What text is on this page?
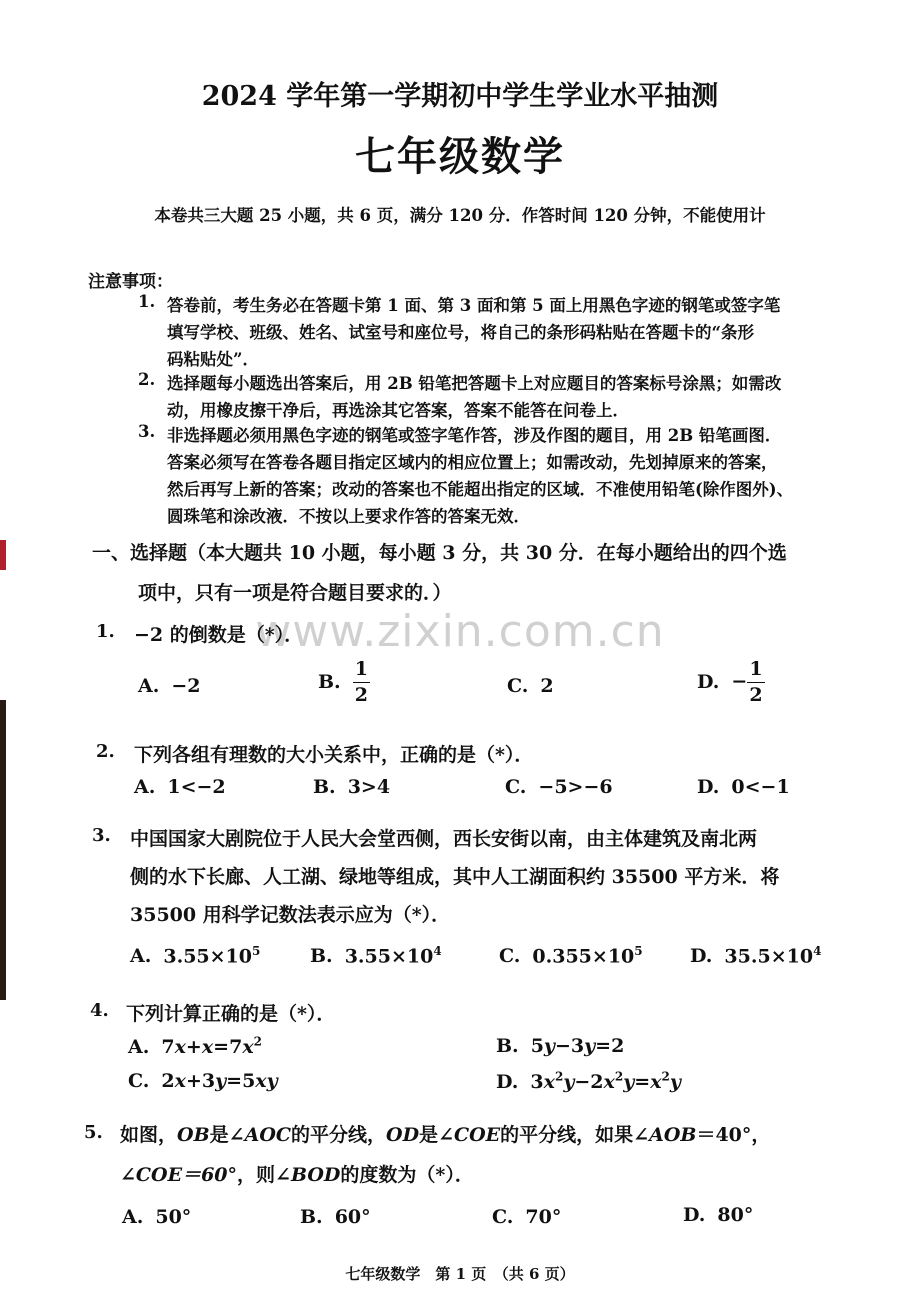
2024 学年第一学期初中学生学业水平抽测
七年级数学
本卷共三大题 25 小题，共 6 页，满分 120 分．作答时间 120 分钟，不能使用计
注意事项：
1. 答卷前，考生务必在答题卡第 1 面、第 3 面和第 5 面上用黑色字迹的钢笔或签字笔
填写学校、班级、姓名、试室号和座位号，将自己的条形码粘贴在答题卡的“条形
码粘贴处”．
2. 选择题每小题选出答案后，用 2B 铅笔把答题卡上对应题目的答案标号涂黑；如需改
动，用橡皮擦干净后，再选涂其它答案，答案不能答在问卷上．
3. 非选择题必须用黑色字迹的钢笔或签字笔作答，涉及作图的题目，用 2B 铅笔画图．
答案必须写在答卷各题目指定区域内的相应位置上；如需改动，先划掉原来的答案，
然后再写上新的答案；改动的答案也不能超出指定的区域．不准使用铅笔(除作图外)、
圆珠笔和涂改液．不按以上要求作答的答案无效．
一、选择题（本大题共 10 小题，每小题 3 分，共 30 分．在每小题给出的四个选
项中，只有一项是符合题目要求的．）
www.zixin.com.cn
1. −2 的倒数是（*）．
A. −2	B. $\frac{1}{2}$	C. 2	D. − $\frac{1}{2}$
2. 下列各组有理数的大小关系中，正确的是（*）．
A. 1<−2	B. 3>4	C. −5>−6	D. 0<−1
3. 中国国家大剧院位于人民大会堂西侧，西长安街以南，由主体建筑及南北两
侧的水下长廊、人工湖、绿地等组成，其中人工湖面积约 35500 平方米．将
35500 用科学记数法表示应为（*）．
A. $3.55\times 10^5$	B. $3.55\times 10^4$	C. $0.355\times 10^5$ D. $35.5\times 10^4$
4. 下列计算正确的是（*）．
A. $7x+x=7x^2$	B. 5y−3y=2
C. 2x+3y=5xy	D. $3x^2y-2x^2y=x^2y$
5. 如图，OB是∠AOC的平分线，OD是∠COE的平分线，如果∠AOB＝40°，
∠COE＝60°，则∠BOD的度数为（*）．
A. 50°	B. 60°	C. 70°	D. 80°
七年级数学　第 1 页　（共 6 页）
